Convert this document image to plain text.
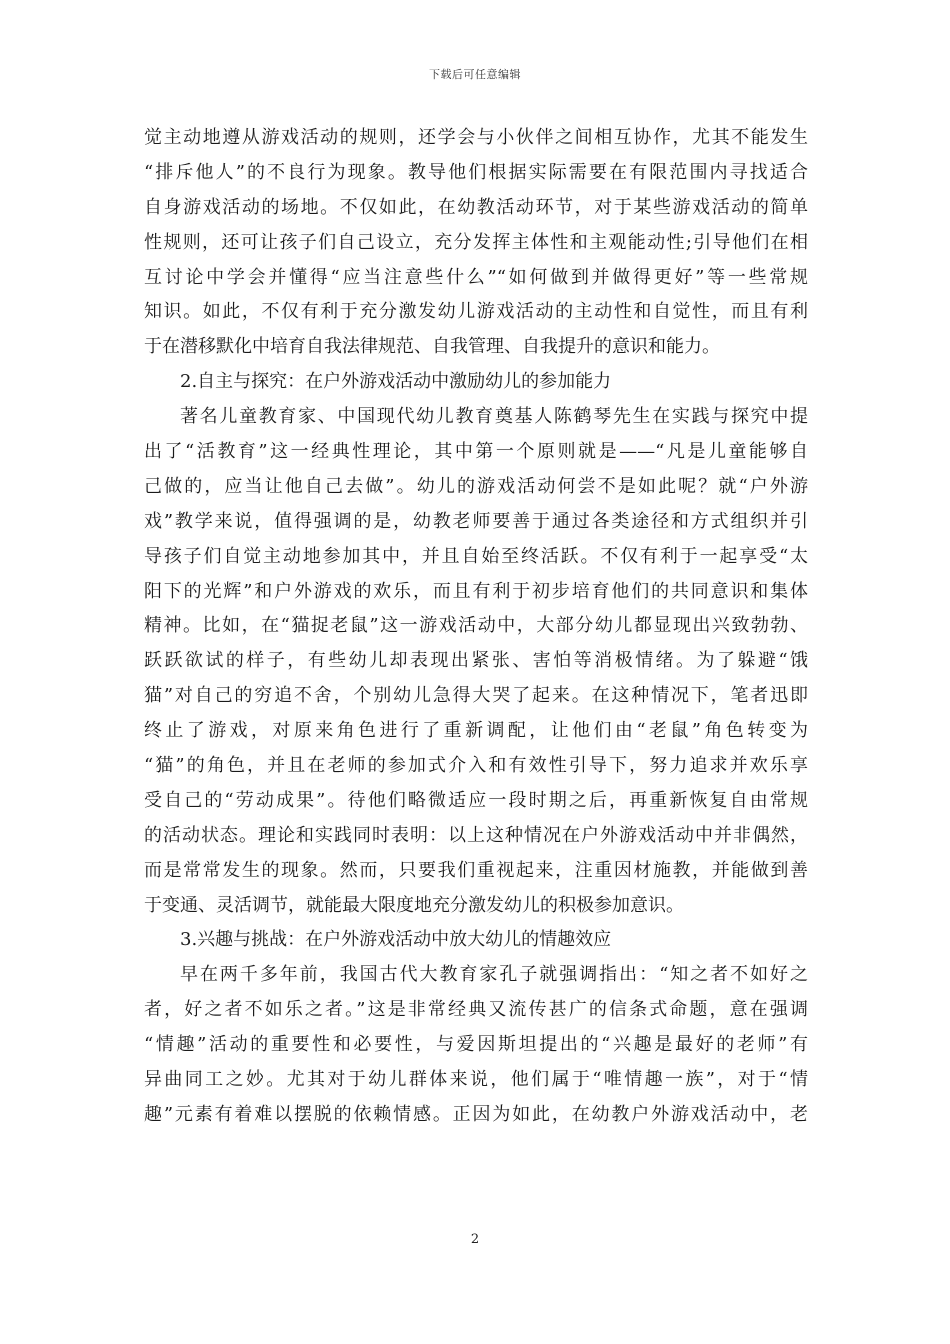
下载后可任意编辑
觉主动地遵从游戏活动的规则，还学会与小伙伴之间相互协作，尤其不能发生
“排斥他人”的不良行为现象。教导他们根据实际需要在有限范围内寻找适合
自身游戏活动的场地。不仅如此，在幼教活动环节，对于某些游戏活动的简单
性规则，还可让孩子们自己设立，充分发挥主体性和主观能动性;引导他们在相
互讨论中学会并懂得“应当注意些什么”“如何做到并做得更好”等一些常规
知识。如此，不仅有利于充分激发幼儿游戏活动的主动性和自觉性，而且有利
于在潜移默化中培育自我法律规范、自我管理、自我提升的意识和能力。
2.自主与探究：在户外游戏活动中激励幼儿的参加能力
著名儿童教育家、中国现代幼儿教育奠基人陈鹤琴先生在实践与探究中提
出了“活教育”这一经典性理论，其中第一个原则就是——“凡是儿童能够自
己做的，应当让他自己去做”。幼儿的游戏活动何尝不是如此呢？就“户外游
戏”教学来说，值得强调的是，幼教老师要善于通过各类途径和方式组织并引
导孩子们自觉主动地参加其中，并且自始至终活跃。不仅有利于一起享受“太
阳下的光辉”和户外游戏的欢乐，而且有利于初步培育他们的共同意识和集体
精神。比如，在“猫捉老鼠”这一游戏活动中，大部分幼儿都显现出兴致勃勃、
跃跃欲试的样子，有些幼儿却表现出紧张、害怕等消极情绪。为了躲避“饿
猫”对自己的穷追不舍，个别幼儿急得大哭了起来。在这种情况下，笔者迅即
终止了游戏，对原来角色进行了重新调配，让他们由“老鼠”角色转变为
“猫”的角色，并且在老师的参加式介入和有效性引导下，努力追求并欢乐享
受自己的“劳动成果”。待他们略微适应一段时期之后，再重新恢复自由常规
的活动状态。理论和实践同时表明：以上这种情况在户外游戏活动中并非偶然，
而是常常发生的现象。然而，只要我们重视起来，注重因材施教，并能做到善
于变通、灵活调节，就能最大限度地充分激发幼儿的积极参加意识。
3.兴趣与挑战：在户外游戏活动中放大幼儿的情趣效应
早在两千多年前，我国古代大教育家孔子就强调指出：“知之者不如好之
者，好之者不如乐之者。”这是非常经典又流传甚广的信条式命题，意在强调
“情趣”活动的重要性和必要性，与爱因斯坦提出的“兴趣是最好的老师”有
异曲同工之妙。尤其对于幼儿群体来说，他们属于“唯情趣一族”，对于“情
趣”元素有着难以摆脱的依赖情感。正因为如此，在幼教户外游戏活动中，老
2
